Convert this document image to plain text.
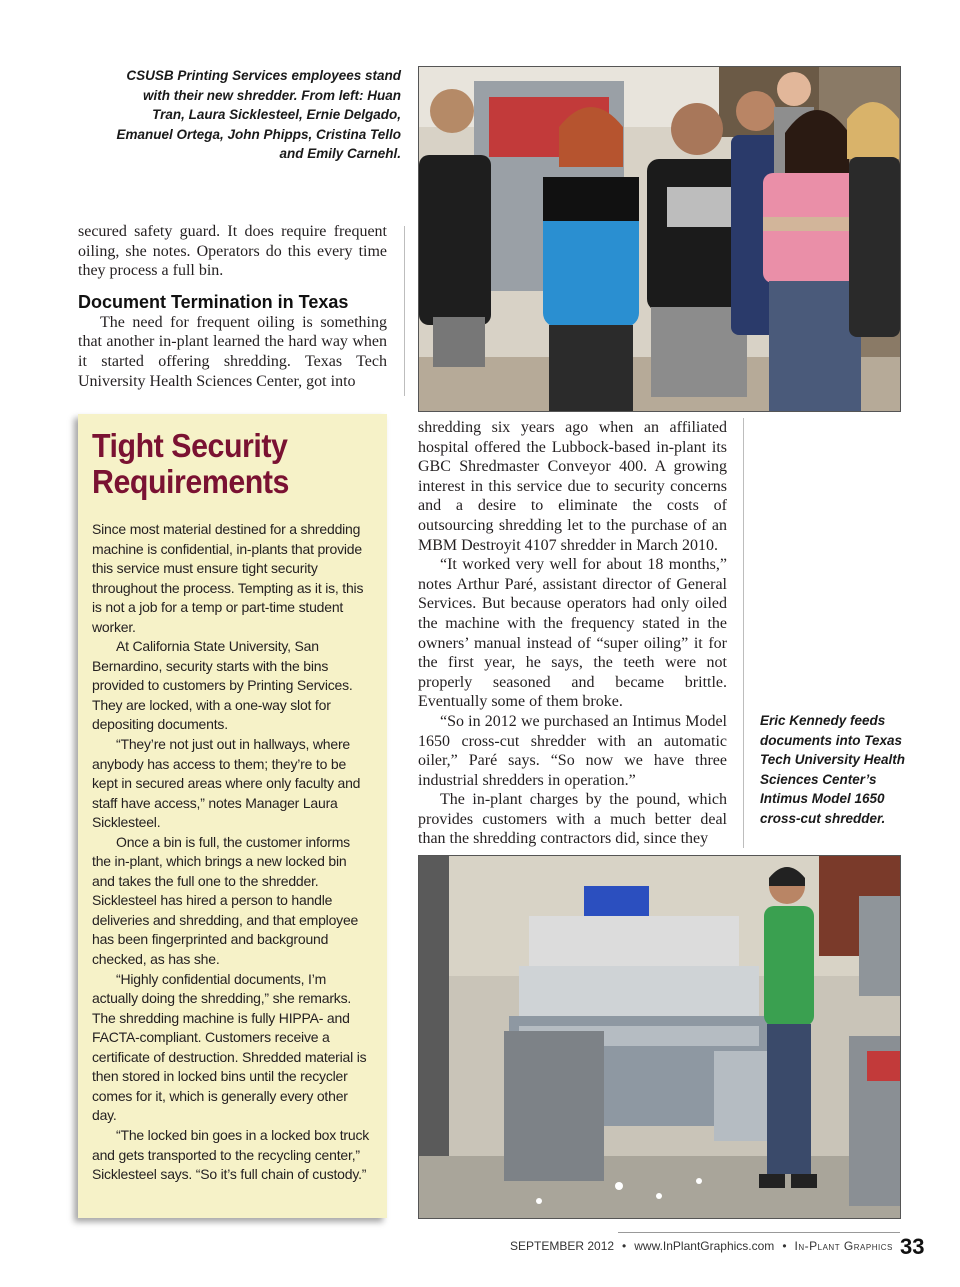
CSUSB Printing Services employees stand with their new shredder. From left: Huan Tran, Laura Sicklesteel, Ernie Delgado, Emanuel Ortega, John Phipps, Cristina Tello and Emily Carnehl.

secured safety guard. It does require frequent oiling, she notes. Operators do this every time they process a full bin.

Document Termination in Texas

The need for frequent oiling is something that another in-plant learned the hard way when it started offering shredding. Texas Tech University Health Sciences Center, got into

Tight Security
Requirements

Since most material destined for a shredding machine is confidential, in-plants that provide this service must ensure tight security throughout the process. Tempting as it is, this is not a job for a temp or part-time student worker.

At California State University, San Bernardino, security starts with the bins provided to customers by Printing Services. They are locked, with a one-way slot for depositing documents.

“They’re not just out in hallways, where anybody has access to them; they’re to be kept in secured areas where only faculty and staff have access,” notes Manager Laura Sicklesteel.

Once a bin is full, the customer informs the in-plant, which brings a new locked bin and takes the full one to the shredder. Sicklesteel has hired a person to handle deliveries and shredding, and that employee has been fingerprinted and background checked, as has she.

“Highly confidential documents, I’m actually doing the shredding,” she remarks. The shredding machine is fully HIPPA- and FACTA-compliant. Customers receive a certificate of destruction. Shredded material is then stored in locked bins until the recycler comes for it, which is generally every other day.

“The locked bin goes in a locked box truck and gets transported to the recycling center,” Sicklesteel says. “So it’s full chain of custody.”

shredding six years ago when an affiliated hospital offered the Lubbock-based in-plant its GBC Shredmaster Conveyor 400. A growing interest in this service due to security concerns and a desire to eliminate the costs of outsourcing shredding let to the purchase of an MBM Destroyit 4107 shredder in March 2010.

“It worked very well for about 18 months,” notes Arthur Paré, assistant director of General Services. But because operators had only oiled the machine with the frequency stated in the owners’ manual instead of “super oiling” it for the first year, he says, the teeth were not properly seasoned and became brittle. Eventually some of them broke.

“So in 2012 we purchased an Intimus Model 1650 cross-cut shredder with an automatic oiler,” Paré says. “So now we have three industrial shredders in operation.”

The in-plant charges by the pound, which provides customers with a much better deal than the shredding contractors did, since they

Eric Kennedy feeds documents into Texas Tech University Health Sciences Center’s Intimus Model 1650 cross-cut shredder.
SEPTEMBER 2012 • www.InPlantGraphics.com • In-Plant Graphics 33
